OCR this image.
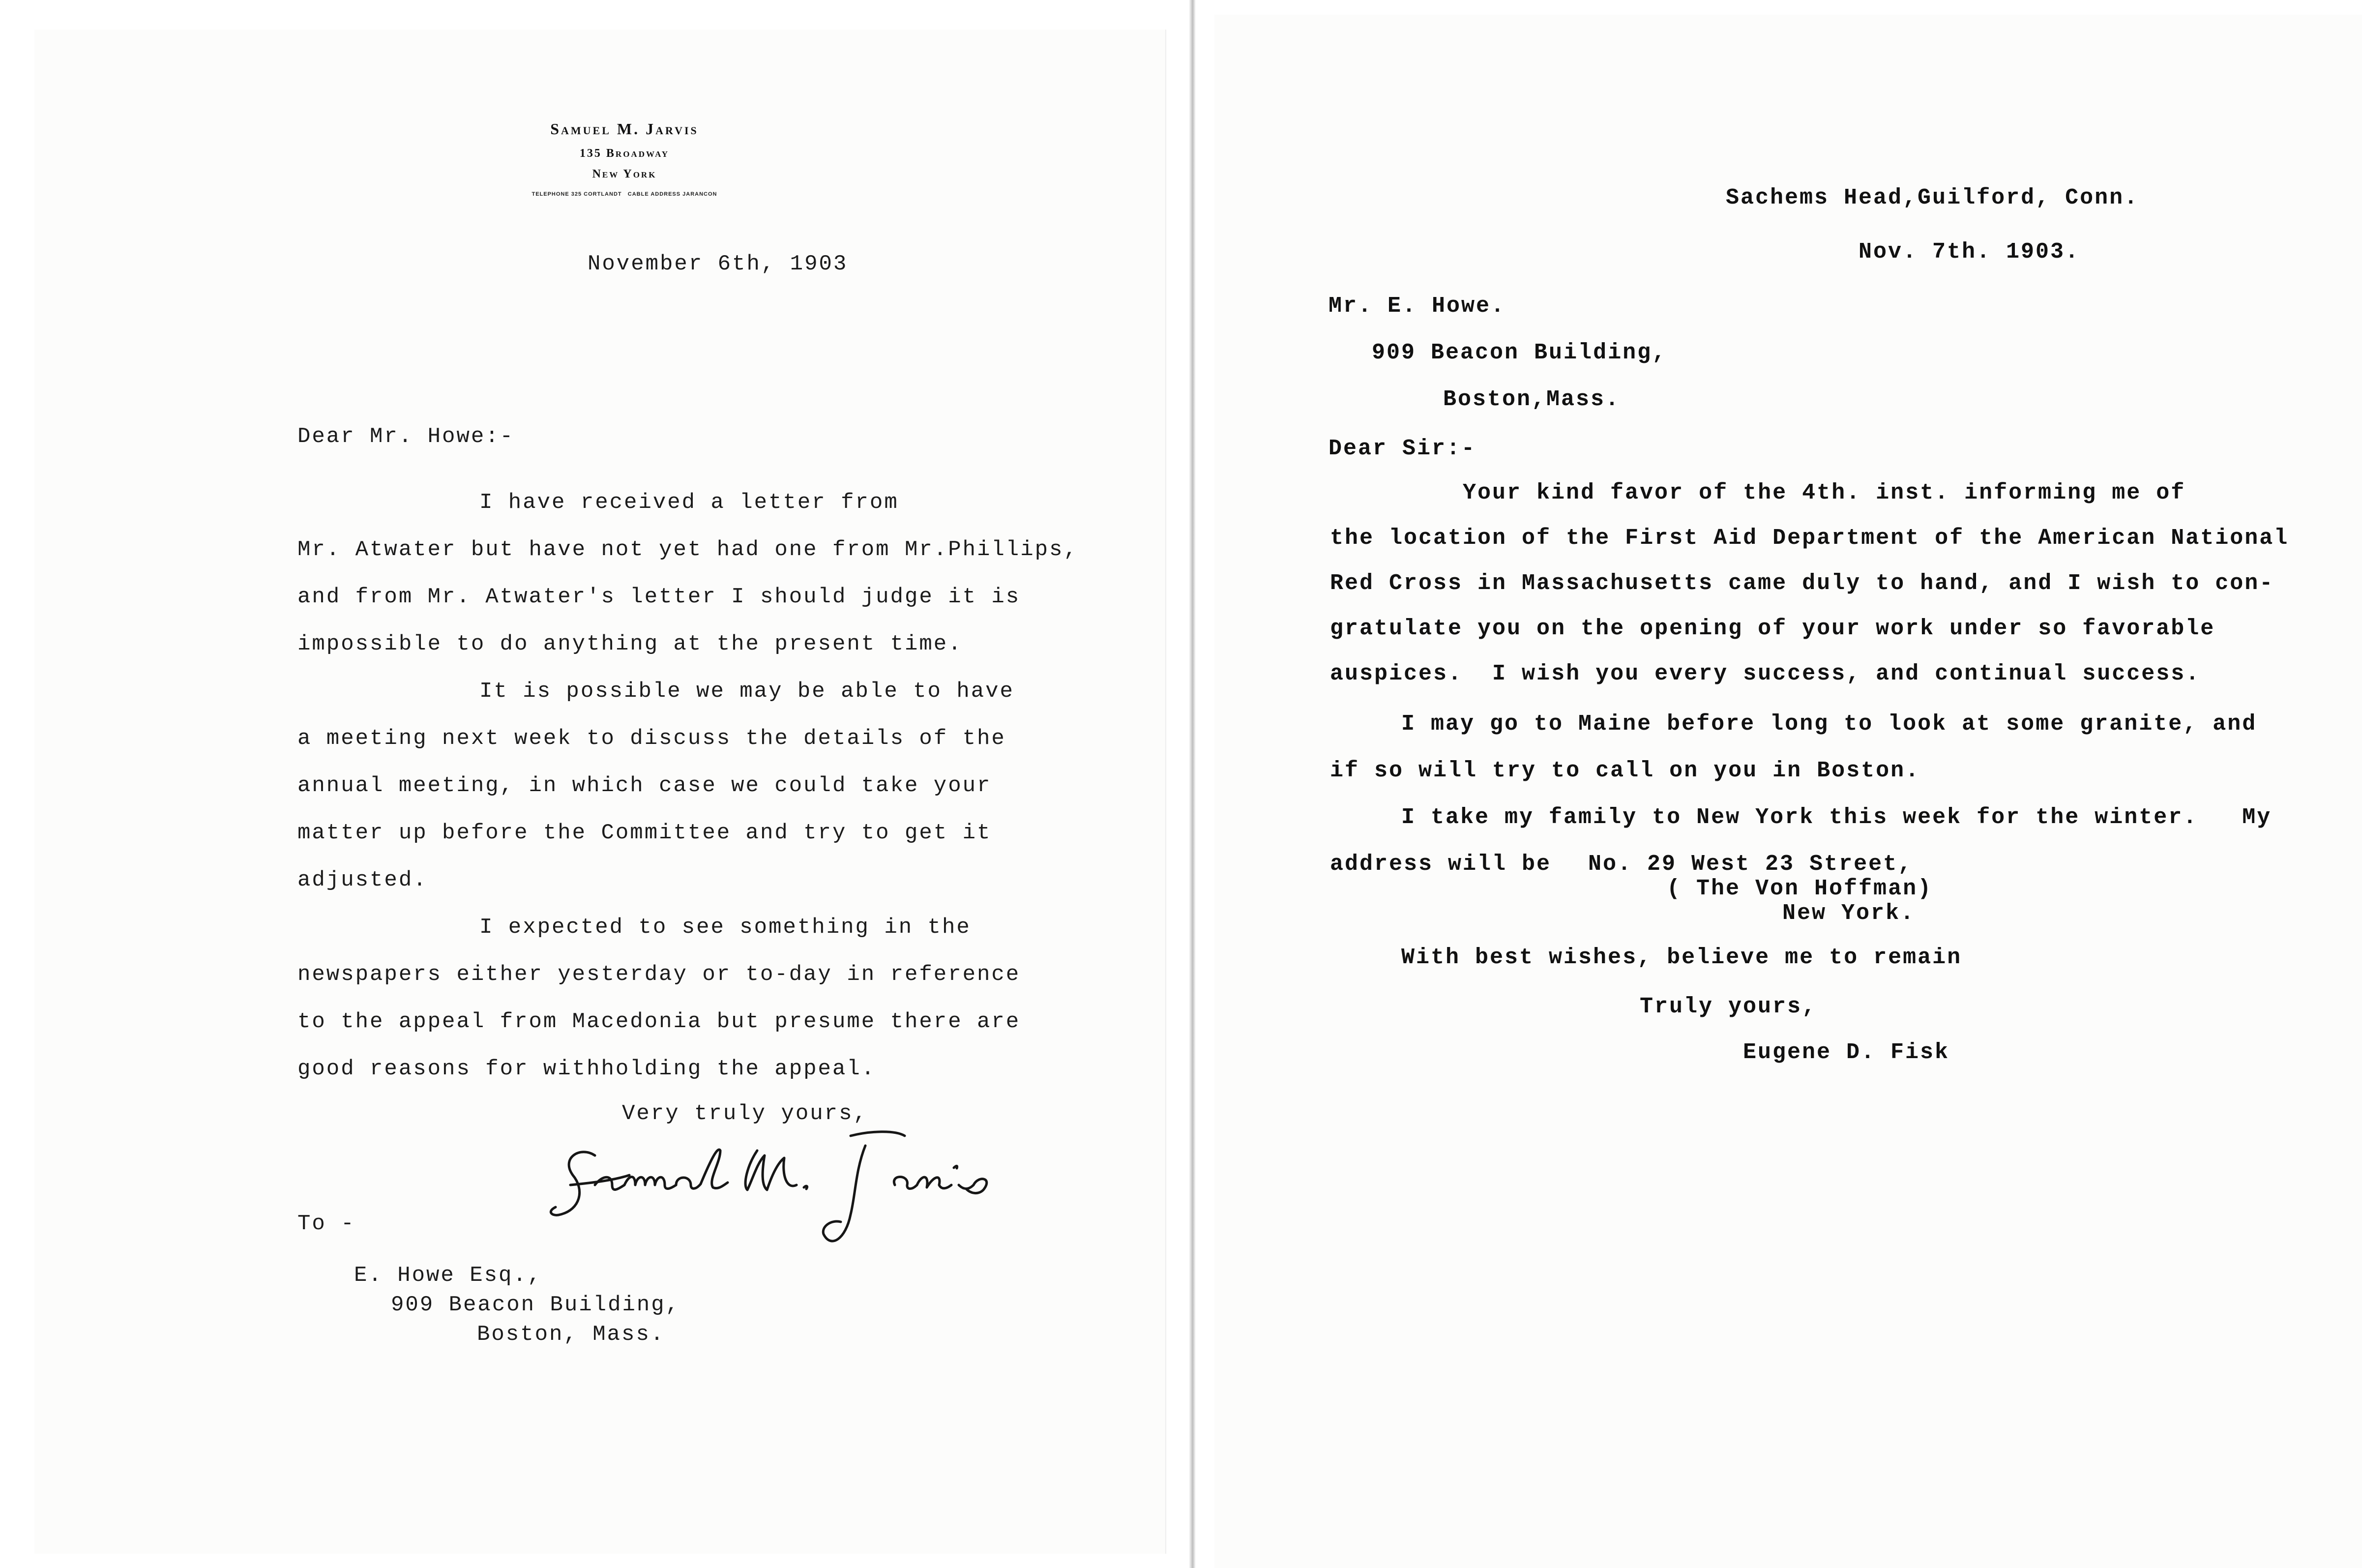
Samuel M. Jarvis
135 Broadway
New York
TELEPHONE 325 CORTLANDT   CABLE ADDRESS JARANCON
November 6th, 1903
Dear Mr. Howe:-
I have received a letter from
Mr. Atwater but have not yet had one from Mr.Phillips,
and from Mr. Atwater's letter I should judge it is
impossible to do anything at the present time.
It is possible we may be able to have
a meeting next week to discuss the details of the
annual meeting, in which case we could take your
matter up before the Committee and try to get it
adjusted.
I expected to see something in the
newspapers either yesterday or to-day in reference
to the appeal from Macedonia but presume there are
good reasons for withholding the appeal.
Very truly yours,
To -
E. Howe Esq.,
909 Beacon Building,
Boston, Mass.
Sachems Head,Guilford, Conn.
Nov. 7th. 1903.
Mr. E. Howe.
909 Beacon Building,
Boston,Mass.
Dear Sir:-
Your kind favor of the 4th. inst. informing me of
the location of the First Aid Department of the American National
Red Cross in Massachusetts came duly to hand, and I wish to con-
gratulate you on the opening of your work under so favorable
auspices.  I wish you every success, and continual success.
I may go to Maine before long to look at some granite, and
if so will try to call on you in Boston.
I take my family to New York this week for the winter.   My
address will be No. 29 West 23 Street,
( The Von Hoffman)
New York.
With best wishes, believe me to remain
Truly yours,
Eugene D. Fisk
